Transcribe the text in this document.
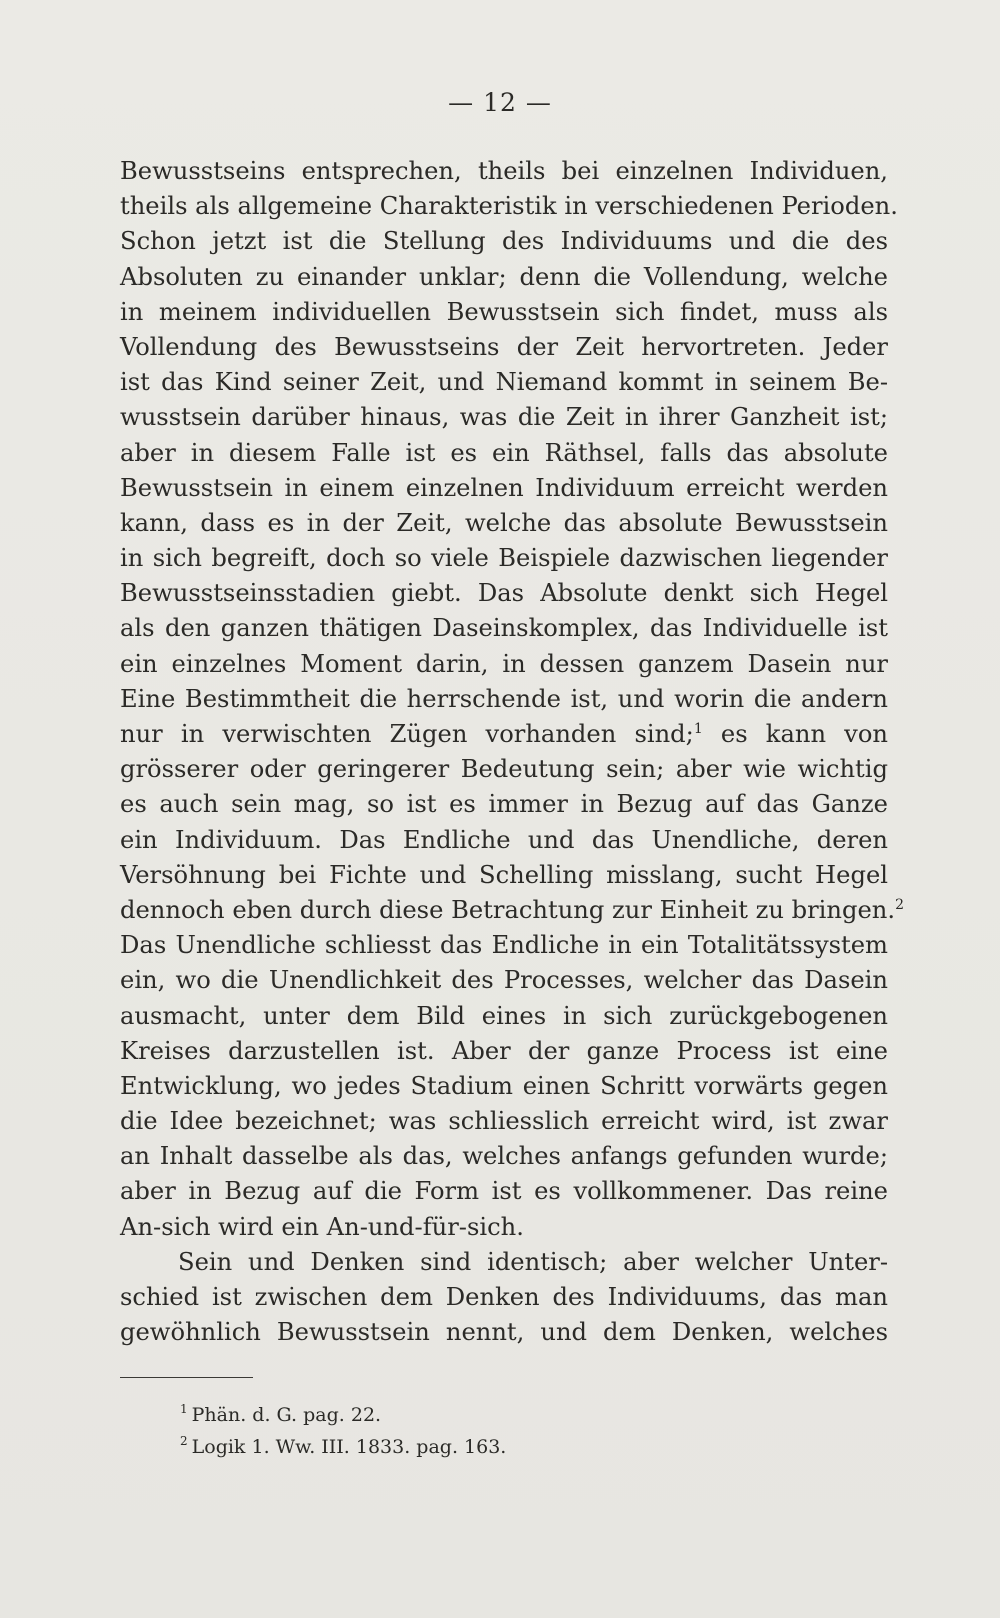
— 12 —
Bewusstseins entsprechen, theils bei einzelnen Individuen,
theils als allgemeine Charakteristik in verschiedenen Perioden.
Schon jetzt ist die Stellung des Individuums und die des
Absoluten zu einander unklar; denn die Vollendung, welche
in meinem individuellen Bewusstsein sich findet, muss als
Vollendung des Bewusstseins der Zeit hervortreten. Jeder
ist das Kind seiner Zeit, und Niemand kommt in seinem Be-
wusstsein darüber hinaus, was die Zeit in ihrer Ganzheit ist;
aber in diesem Falle ist es ein Räthsel, falls das absolute
Bewusstsein in einem einzelnen Individuum erreicht werden
kann, dass es in der Zeit, welche das absolute Bewusstsein
in sich begreift, doch so viele Beispiele dazwischen liegender
Bewusstseinsstadien giebt. Das Absolute denkt sich Hegel
als den ganzen thätigen Daseinskomplex, das Individuelle ist
ein einzelnes Moment darin, in dessen ganzem Dasein nur
Eine Bestimmtheit die herrschende ist, und worin die andern
nur in verwischten Zügen vorhanden sind;$^1$ es kann von
grösserer oder geringerer Bedeutung sein; aber wie wichtig
es auch sein mag, so ist es immer in Bezug auf das Ganze
ein Individuum. Das Endliche und das Unendliche, deren
Versöhnung bei Fichte und Schelling misslang, sucht Hegel
dennoch eben durch diese Betrachtung zur Einheit zu bringen.$^2$
Das Unendliche schliesst das Endliche in ein Totalitätssystem
ein, wo die Unendlichkeit des Processes, welcher das Dasein
ausmacht, unter dem Bild eines in sich zurückgebogenen
Kreises darzustellen ist. Aber der ganze Process ist eine
Entwicklung, wo jedes Stadium einen Schritt vorwärts gegen
die Idee bezeichnet; was schliesslich erreicht wird, ist zwar
an Inhalt dasselbe als das, welches anfangs gefunden wurde;
aber in Bezug auf die Form ist es vollkommener. Das reine
An-sich wird ein An-und-für-sich.
Sein und Denken sind identisch; aber welcher Unter-
schied ist zwischen dem Denken des Individuums, das man
gewöhnlich Bewusstsein nennt, und dem Denken, welches
1 Phän. d. G. pag. 22.
2 Logik 1. Ww. III. 1833. pag. 163.
